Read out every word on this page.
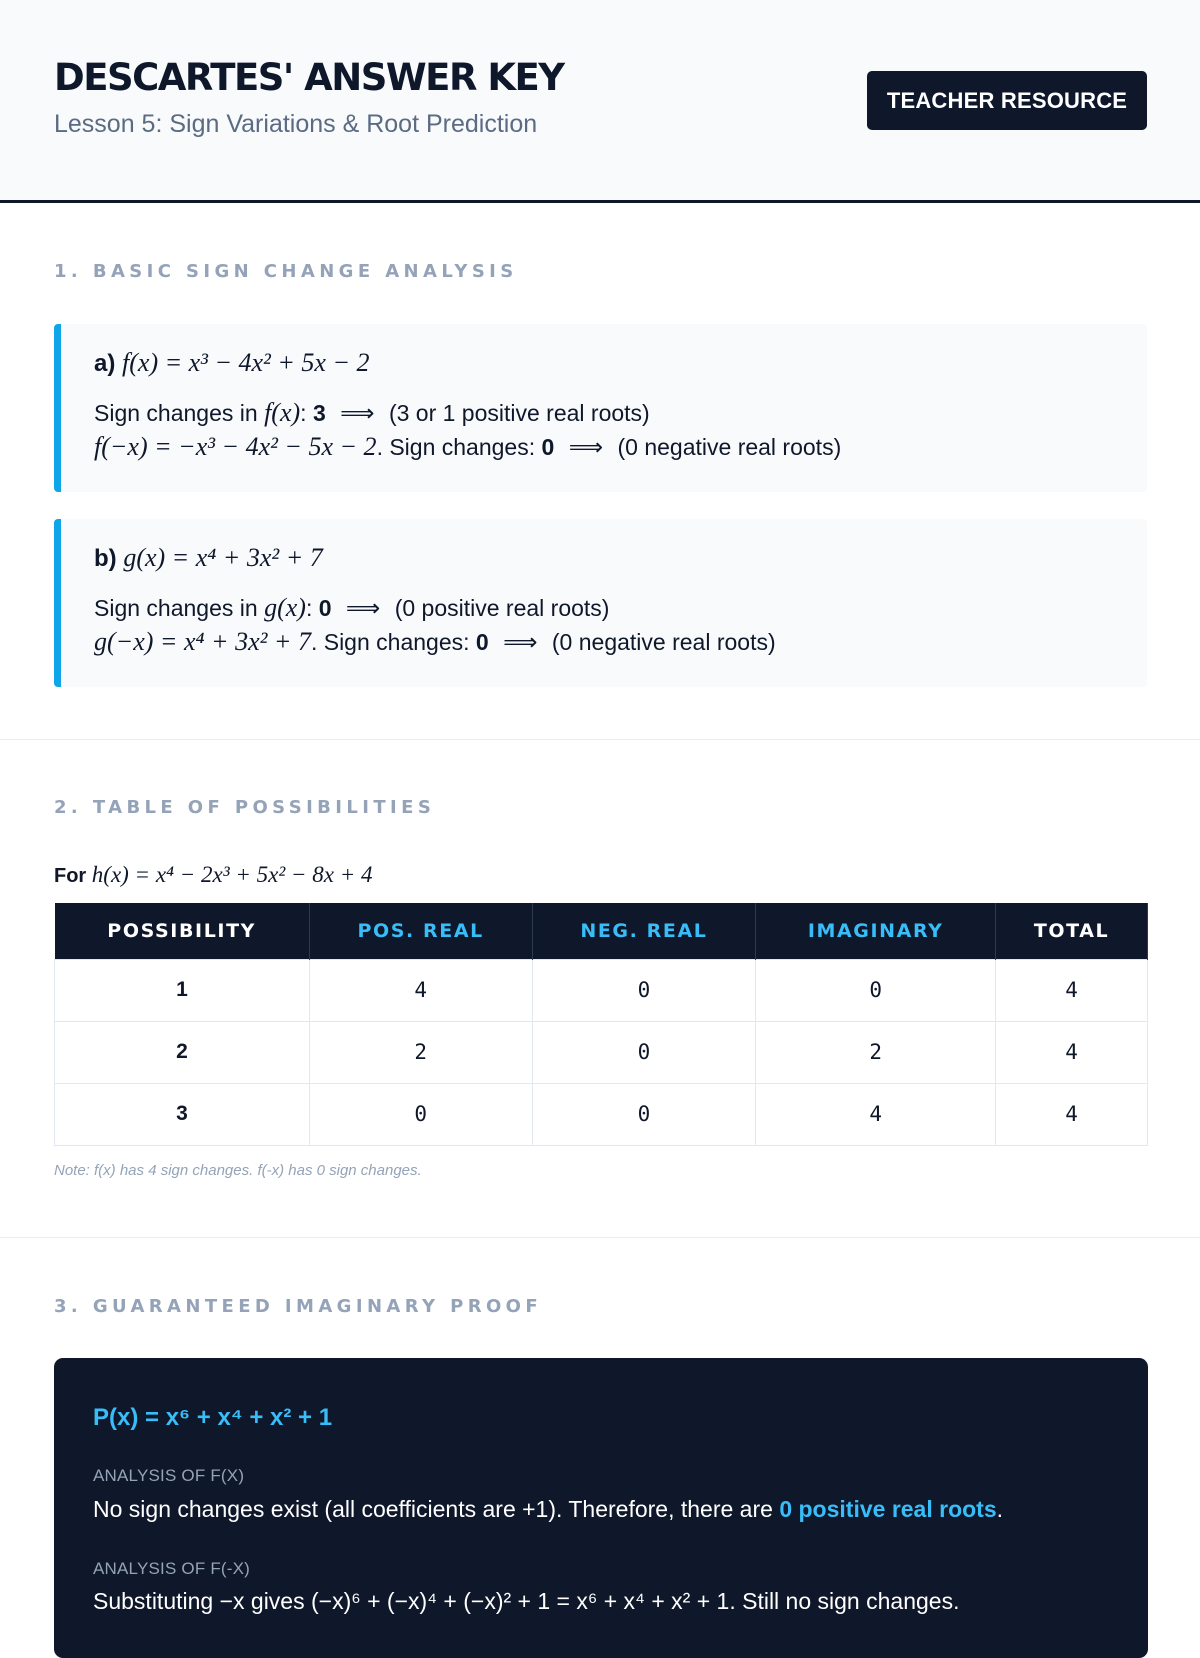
DESCARTES' ANSWER KEY
Lesson 5: Sign Variations & Root Prediction
TEACHER RESOURCE
1. BASIC SIGN CHANGE ANALYSIS
a) f(x) = x³ − 4x² + 5x − 2
Sign changes in f(x): 3 ⟹ (3 or 1 positive real roots)
f(−x) = −x³ − 4x² − 5x − 2. Sign changes: 0 ⟹ (0 negative real roots)
b) g(x) = x⁴ + 3x² + 7
Sign changes in g(x): 0 ⟹ (0 positive real roots)
g(−x) = x⁴ + 3x² + 7. Sign changes: 0 ⟹ (0 negative real roots)
2. TABLE OF POSSIBILITIES
For h(x) = x⁴ − 2x³ + 5x² − 8x + 4
POSSIBILITY	POS. REAL	NEG. REAL	IMAGINARY	TOTAL
1	4	0	0	4
2	2	0	2	4
3	0	0	4	4
Note: f(x) has 4 sign changes. f(-x) has 0 sign changes.
3. GUARANTEED IMAGINARY PROOF
P(x) = x⁶ + x⁴ + x² + 1
ANALYSIS OF F(X)
No sign changes exist (all coefficients are +1). Therefore, there are 0 positive real roots.
ANALYSIS OF F(-X)
Substituting −x gives (−x)⁶ + (−x)⁴ + (−x)² + 1 = x⁶ + x⁴ + x² + 1. Still no sign changes.
